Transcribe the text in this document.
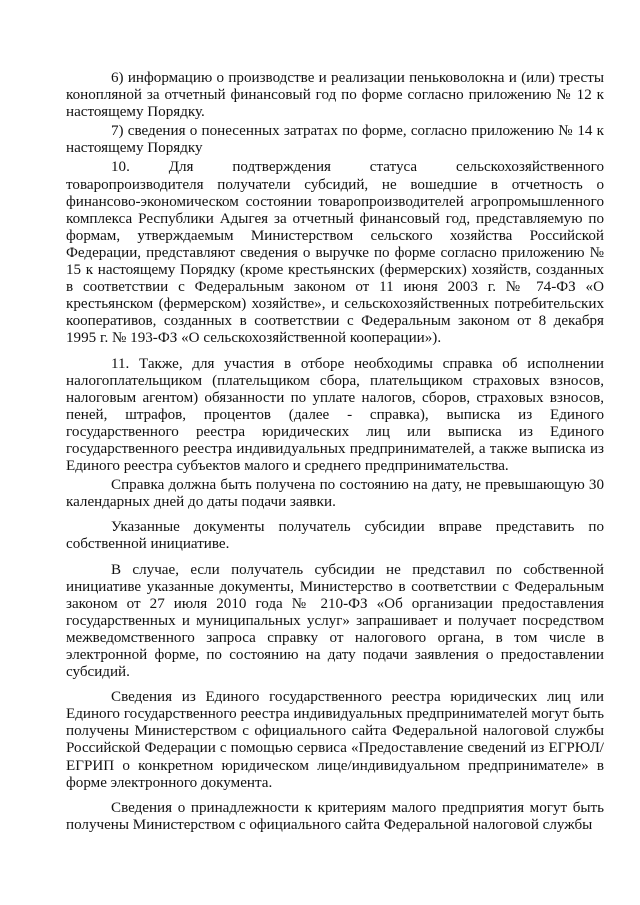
6) информацию о производстве и реализации пеньковолокна и (или) тресты конопляной за отчетный финансовый год по форме согласно приложению № 12 к настоящему Порядку.

7) сведения о понесенных затратах по форме, согласно приложению № 14 к настоящему Порядку

10. Для подтверждения статуса сельскохозяйственного товаропроизводителя получатели субсидий, не вошедшие в отчетность о финансово-экономическом состоянии товаропроизводителей агропромышленного комплекса Республики Адыгея за отчетный финансовый год, представляемую по формам, утверждаемым Министерством сельского хозяйства Российской Федерации, представляют сведения о выручке по форме согласно приложению № 15 к настоящему Порядку (кроме крестьянских (фермерских) хозяйств, созданных в соответствии с Федеральным законом от 11 июня 2003 г. № 74-ФЗ «О крестьянском (фермерском) хозяйстве», и сельскохозяйственных потребительских кооперативов, созданных в соответствии с Федеральным законом от 8 декабря 1995 г. № 193-ФЗ «О сельскохозяйственной кооперации»).

11. Также, для участия в отборе необходимы справка об исполнении налогоплательщиком (плательщиком сбора, плательщиком страховых взносов, налоговым агентом) обязанности по уплате налогов, сборов, страховых взносов, пеней, штрафов, процентов (далее - справка), выписка из Единого государственного реестра юридических лиц или выписка из Единого государственного реестра индивидуальных предпринимателей, а также выписка из Единого реестра субъектов малого и среднего предпринимательства.

Справка должна быть получена по состоянию на дату, не превышающую 30 календарных дней до даты подачи заявки.

Указанные документы получатель субсидии вправе представить по собственной инициативе.

В случае, если получатель субсидии не представил по собственной инициативе указанные документы, Министерство в соответствии с Федеральным законом от 27 июля 2010 года № 210-ФЗ «Об организации предоставления государственных и муниципальных услуг» запрашивает и получает посредством межведомственного запроса справку от налогового органа, в том числе в электронной форме, по состоянию на дату подачи заявления о предоставлении субсидий.

Сведения из Единого государственного реестра юридических лиц или Единого государственного реестра индивидуальных предпринимателей могут быть получены Министерством с официального сайта Федеральной налоговой службы Российской Федерации с помощью сервиса «Предоставление сведений из ЕГРЮЛ/ЕГРИП о конкретном юридическом лице/индивидуальном предпринимателе» в форме электронного документа.

Сведения о принадлежности к критериям малого предприятия могут быть получены Министерством с официального сайта Федеральной налоговой службы
